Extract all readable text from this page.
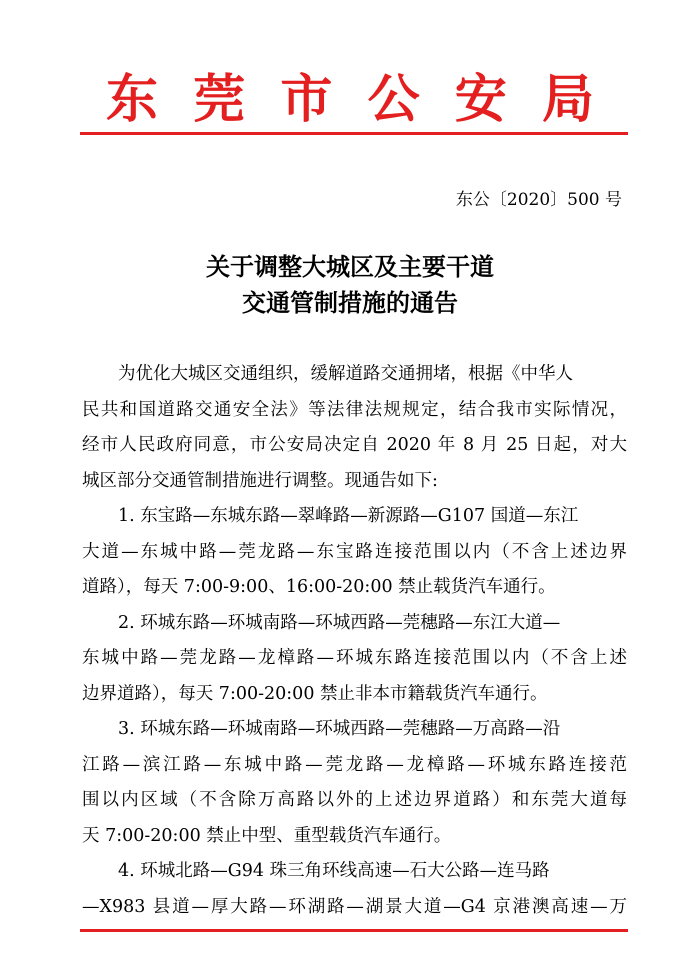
东 莞 市 公 安 局
东公〔2020〕500 号
关于调整大城区及主要干道
交通管制措施的通告
为优化大城区交通组织，缓解道路交通拥堵，根据《中华人
民共和国道路交通安全法》等法律法规规定，结合我市实际情况，
经市人民政府同意，市公安局决定自 2020 年 8 月 25 日起，对大
城区部分交通管制措施进行调整。现通告如下:
1. 东宝路—东城东路—翠峰路—新源路—G107 国道—东江
大道—东城中路—莞龙路—东宝路连接范围以内（不含上述边界
道路），每天 7:00-9:00、16:00-20:00 禁止载货汽车通行。
2. 环城东路—环城南路—环城西路—莞穗路—东江大道—
东城中路—莞龙路—龙樟路—环城东路连接范围以内（不含上述
边界道路），每天 7:00-20:00 禁止非本市籍载货汽车通行。
3. 环城东路—环城南路—环城西路—莞穗路—万高路—沿
江路—滨江路—东城中路—莞龙路—龙樟路—环城东路连接范
围以内区域（不含除万高路以外的上述边界道路）和东莞大道每
天 7:00-20:00 禁止中型、重型载货汽车通行。
4. 环城北路—G94 珠三角环线高速—石大公路—连马路
—X983 县道—厚大路—环湖路—湖景大道—G4 京港澳高速—万
